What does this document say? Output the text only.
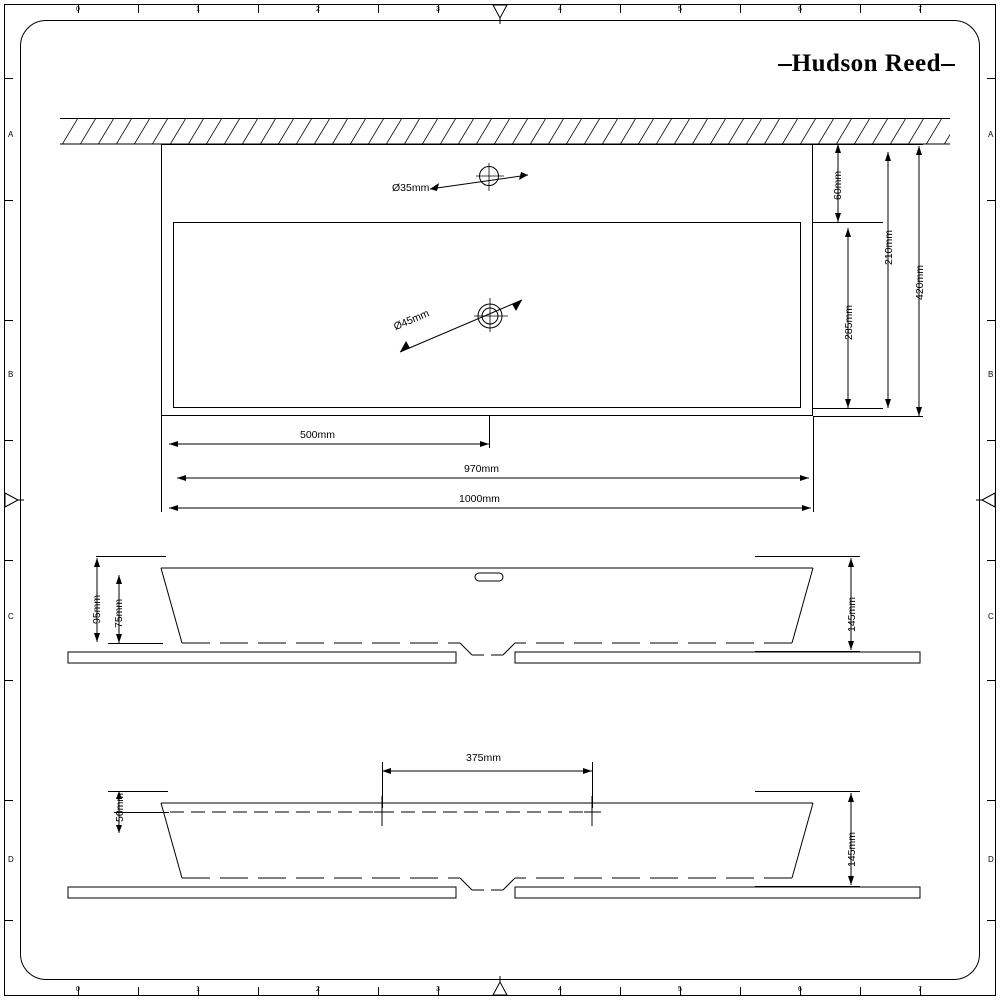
0	1	2	3	4	5	6	7
0	1	2	3	4	5	6	7
A
B
C
D
A
B
C
D
Hudson Reed
Ø35mm
Ø45mm
60mm
210mm
285mm
420mm
500mm
970mm
1000mm
95mm 75mm	145mm
375mm
50mm
145mm
